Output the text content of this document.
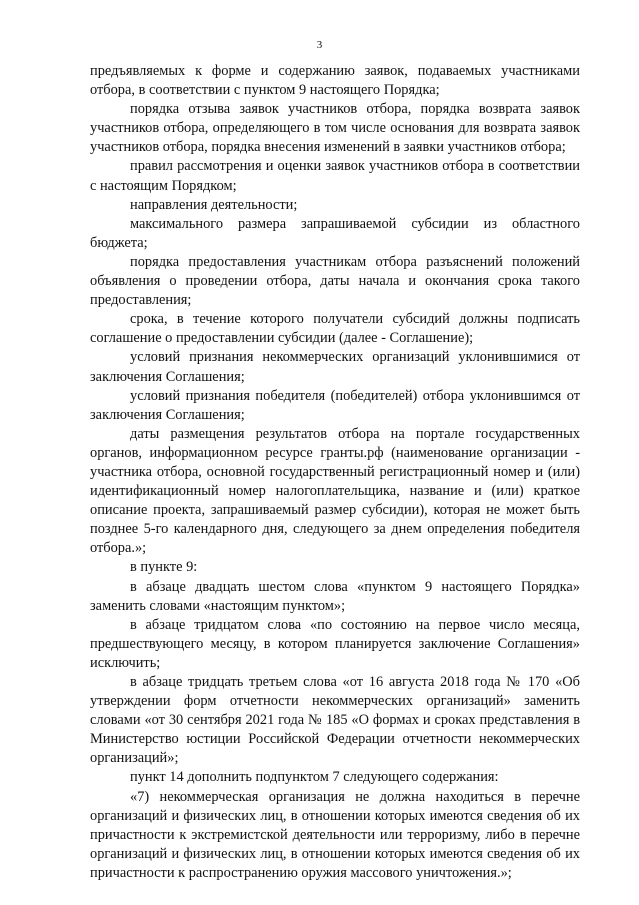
3

предъявляемых к форме и содержанию заявок, подаваемых участниками отбора, в соответствии с пунктом 9 настоящего Порядка;

порядка отзыва заявок участников отбора, порядка возврата заявок участников отбора, определяющего в том числе основания для возврата заявок участников отбора, порядка внесения изменений в заявки участников отбора;

правил рассмотрения и оценки заявок участников отбора в соответствии с настоящим Порядком;

направления деятельности;

максимального размера запрашиваемой субсидии из областного бюджета;

порядка предоставления участникам отбора разъяснений положений объявления о проведении отбора, даты начала и окончания срока такого предоставления;

срока, в течение которого получатели субсидий должны подписать соглашение о предоставлении субсидии (далее - Соглашение);

условий признания некоммерческих организаций уклонившимися от заключения Соглашения;

условий признания победителя (победителей) отбора уклонившимся от заключения Соглашения;

даты размещения результатов отбора на портале государственных органов, информационном ресурсе гранты.рф (наименование организации - участника отбора, основной государственный регистрационный номер и (или) идентификационный номер налогоплательщика, название и (или) краткое описание проекта, запрашиваемый размер субсидии), которая не может быть позднее 5-го календарного дня, следующего за днем определения победителя отбора.»;

в пункте 9:

в абзаце двадцать шестом слова «пунктом 9 настоящего Порядка» заменить словами «настоящим пунктом»;

в абзаце тридцатом слова «по состоянию на первое число месяца, предшествующего месяцу, в котором планируется заключение Соглашения» исключить;

в абзаце тридцать третьем слова «от 16 августа 2018 года № 170 «Об утверждении форм отчетности некоммерческих организаций» заменить словами «от 30 сентября 2021 года № 185 «О формах и сроках представления в Министерство юстиции Российской Федерации отчетности некоммерческих организаций»;

пункт 14 дополнить подпунктом 7 следующего содержания:

«7) некоммерческая организация не должна находиться в перечне организаций и физических лиц, в отношении которых имеются сведения об их причастности к экстремистской деятельности или терроризму, либо в перечне организаций и физических лиц, в отношении которых имеются сведения об их причастности к распространению оружия массового уничтожения.»;
